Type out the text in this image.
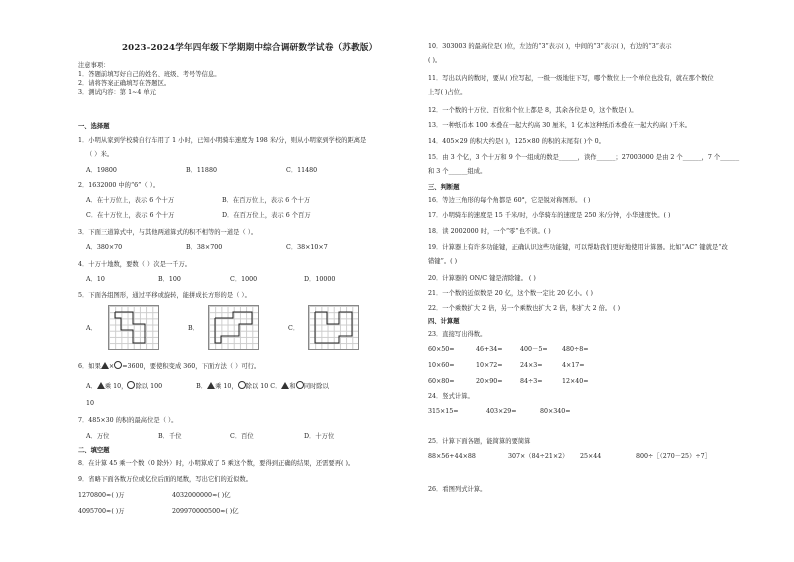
2023-2024学年四年级下学期期中综合调研数学试卷（苏教版）
注意事项：
1．答题前填写好自己的姓名、班级、考号等信息。
2．请将答案正确填写在答题区。
3．测试内容：第 1~4 单元
一、选择题
1．小明从家到学校骑自行车用了 1 小时，已知小明骑车速度为 198 米/分，则从小明家到学校的距离是
（ ）米。
A．19800	B．11880	C．11480
2．1632000 中的“6”（ ）。
A．在十万位上，表示 6 个十万	B．在百万位上，表示 6 个十万
C．在十万位上，表示 6 个十万	D．在百万位上，表示 6 个百万
3．下面三道算式中，与其他两道算式的积不相等的一道是（ ）。
A．380×70	B．38×700	C．38×10×7
4．十万十地数，要数（ ）次是一千万。
A．10	B．100	C．1000	D．10000
5．下面各组图形，通过平移或旋转，能拼成长方形的是（ ）。
A．	B．	C．
6．如果 × =3600，要使积变成 360，下面方法（ ）可行。
A． 乘 10， 除以 100	B． 乘 10， 除以 10 C． 和 同时除以
10
7．485×30 的积的最高位是（ ）。
A．万位	B．千位	C．百位	D．十万位
二、填空题
8．在计算 45 乘一个数（0 除外）时，小明算成了 5 乘这个数，要得到正确的结果，还需要再( )。
9．省略下面各数万位或亿位后面的尾数，写出它们的近似数。
1270800≈( )万	4032000000≈( )亿
4095700≈( )万	209970000500≈( )亿
10．303003 的最高位是( )位，左边的“3”表示( )，中间的“3”表示( )，右边的“3”表示
( )。
11．写出以内的数时，要从( )位写起，一级一级地往下写，哪个数位上一个单位也没有，就在那个数位
上写( )占位。
12．一个数的十万位、百位和个位上都是 8，其余各位是 0，这个数是( )。
13．一种纸币本 100 本叠在一起大约高 30 厘米，1 亿本这种纸币本叠在一起大约高( )千米。
14．405×29 的积大约是( )，125×80 的积的末尾有( )个 0。
15．由 3 个亿，3 个十万和 9 个一组成的数是______，读作______；27003000 是由 2 个______，7 个______
和 3 个______组成。
三、判断题
16．等边三角形的每个角都是 60°，它是锐对称图形。 ( )
17．小明骑车的速度是 15 千米/时，小华骑车的速度是 250 米/分钟，小华速度快。( )
18．读 2002000 时，一个“零”也不读。( )
19．计算器上有许多功能键，正确认识这些功能键，可以帮助我们更好地使用计算器。比如“AC” 键就是“改
错键”。( )
20．计算器的 ON/C 键是清除键。 ( )
21．一个数的近似数是 20 亿，这个数一定比 20 亿小。( )
22．一个乘数扩大 2 倍，另一个乘数也扩大 2 倍，积扩大 2 倍。 ( )
四、计算题
23．直接写出得数。
60×50=	46+34=	400－5= 480÷8=
10×60=	10×72=	24×3=	4×17=
60×80=	20×90=	84÷3=	12×40=
24．竖式计算。
315×15=	403×29=	80×340=
25．计算下面各题，能简算的要简算
88×56+44×88	307×（84÷21×2） 25×44	800÷［（270－25）÷7］
26．看图列式计算。
